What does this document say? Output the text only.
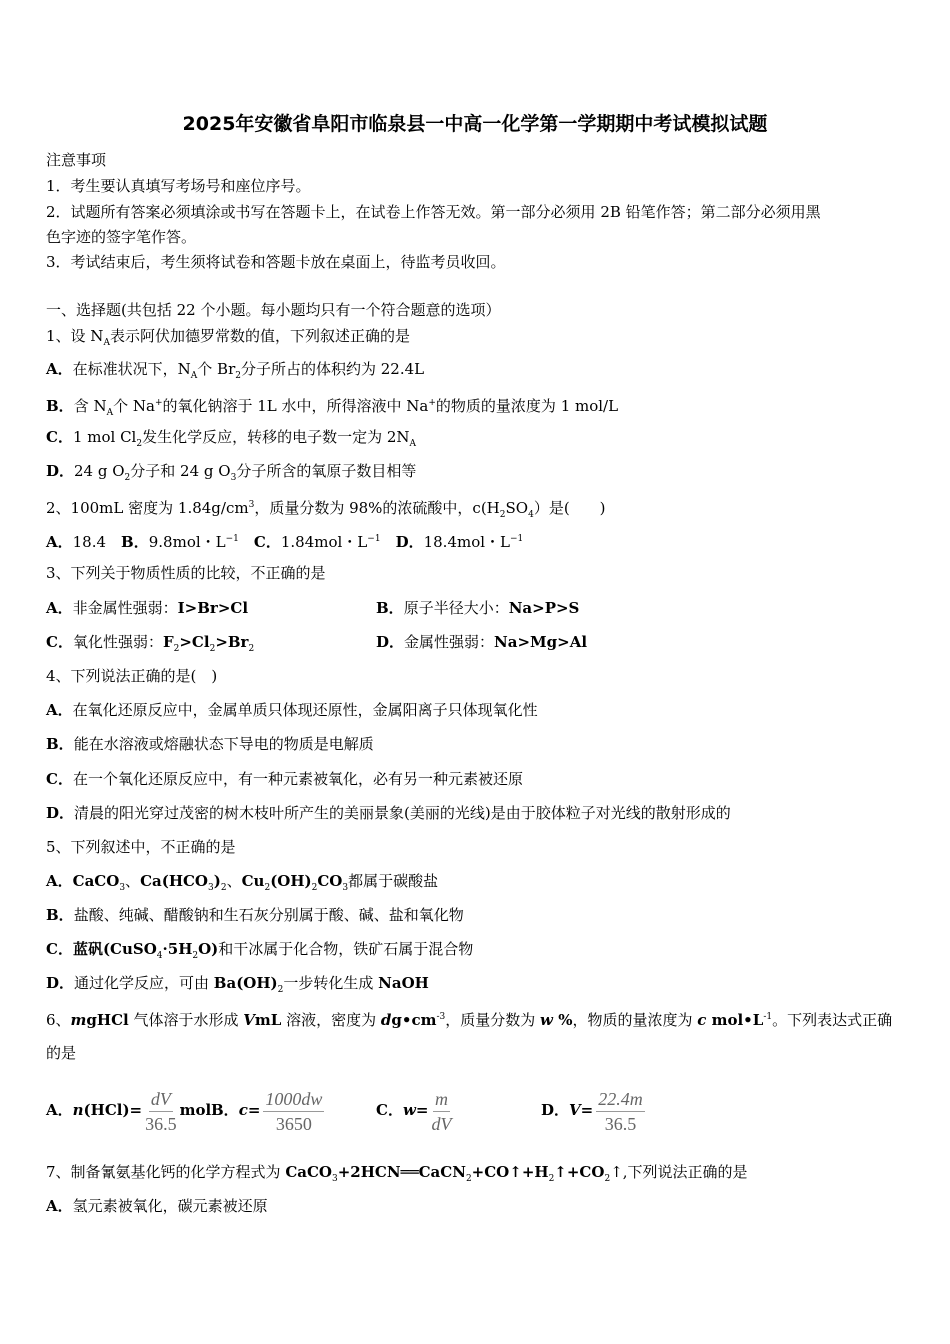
2025年安徽省阜阳市临泉县一中高一化学第一学期期中考试模拟试题
注意事项
1．考生要认真填写考场号和座位序号。
2．试题所有答案必须填涂或书写在答题卡上，在试卷上作答无效。第一部分必须用 2B 铅笔作答；第二部分必须用黑
色字迹的签字笔作答。
3．考试结束后，考生须将试卷和答题卡放在桌面上，待监考员收回。
一、选择题(共包括 22 个小题。每小题均只有一个符合题意的选项）
1、设 $N_A$表示阿伏加德罗常数的值，下列叙述正确的是
A．在标准状况下，$N_A$个 $Br_2$分子所占的体积约为 22.4L
B．含 $N_A$个 Na+的氧化钠溶于 1L 水中，所得溶液中 Na+的物质的量浓度为 1 mol/L
C．1 mol $Cl_2$发生化学反应，转移的电子数一定为 $2N_A$
D．24 g $O_2$分子和 24 g $O_3$分子所含的氧原子数目相等
2、100mL 密度为 $1.84g/cm^3$，质量分数为 98%的浓硫酸中，$c(H_2SO_4)$是(　　)
A．18.4　B．9.8mol・$L^{-1}$　 C．1.84mol・$L^{-1}$　 D．18.4mol・$L^{-1}$
3、下列关于物质性质的比较，不正确的是
A．非金属性强弱：I>Br>Cl	B．原子半径大小：Na>P>S
C．氧化性强弱：$F_2>Cl_2>Br_2$	D．金属性强弱：Na>Mg>Al
4、下列说法正确的是(　)
A．在氧化还原反应中，金属单质只体现还原性，金属阳离子只体现氧化性
B．能在水溶液或熔融状态下导电的物质是电解质
C．在一个氧化还原反应中，有一种元素被氧化，必有另一种元素被还原
D．清晨的阳光穿过茂密的树木枝叶所产生的美丽景象(美丽的光线)是由于胶体粒子对光线的散射形成的
5、下列叙述中，不正确的是
A．CaCO$_3$、$Ca(HCO_3)_2$、$Cu_2(OH)_2CO_3$都属于碳酸盐
B．盐酸、纯碱、醋酸钠和生石灰分别属于酸、碱、盐和氧化物
C．蓝矾$(CuSO_4\cdot 5H_2O)$和干冰属于化合物，铁矿石属于混合物
D．通过化学反应，可由 $Ba(OH)_2$一步转化生成 NaOH
6、mgHCl 气体溶于水形成 VmL 溶液，密度为 $dg•cm^{-3}$，质量分数为 w %，物质的量浓度为 c $mol•L^{-1}$。下列表达式正确
的是
7、制备氰氨基化钙的化学方程式为 $CaCO_3+2HCN══CaCN_2+CO↑+H_2↑+CO_2↑$,下列说法正确的是
A．氢元素被氧化，碳元素被还原
A．$n(HCl)= \frac{dV}{36.5}$ mol B．$c= \frac{1000dw}{3650}$	C．$w= \frac{m}{dV}$	D．$V= \frac{22.4m}{36.5}$
